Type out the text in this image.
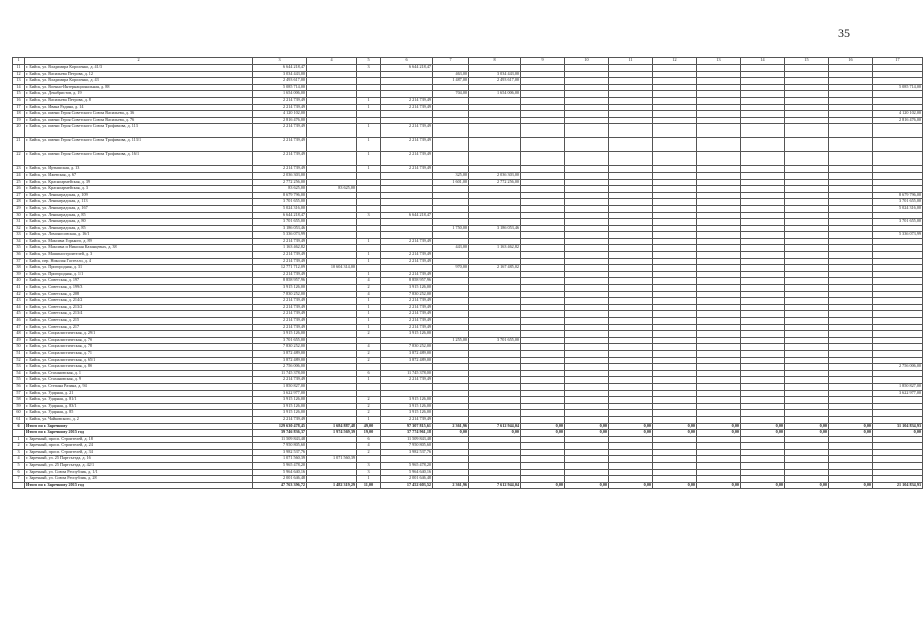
35
1	2	3	4	5	6	7	8	9	10	11	12	13	14	15	16	17
11	г. Бийск, ул. Владимира Короленко, д. 41/3	6 644 218,47		3	6 644 218,47											
12	г. Бийск, ул. Васильева Петрова, д. 12	3 034 443,00				463,00	3 034 443,00									
13	г. Бийск, ул. Владимира Короленко, д. 43	2 493 617,00				1 487,00	2 493 617,00									
14	г. Бийск, ул. Военно-Интернациональная, д. 88	5 085 714,00														5 085 714,00
15	г. Бийск, ул. Декабристов, д. 19	1 654 006,00				704,00	1 654 006,00									
16	г. Бийск, ул. Васильева Петрова, д. 8	2 214 739,49		1	2 214 739,49											
17	г. Бийск, ул. Ивана Радина, д. 14	2 214 739,49		1	2 214 739,49											
18	г. Бийск, ул. имени Героя Советского Союза Васильева, д. 36	4 120 102,00														4 120 102,00
19	г. Бийск, ул. имени Героя Советского Союза Васильева, д. 76	2 816 476,00														2 816 476,00
20	г. Бийск, ул. имени Героя Советского Союза Трофимова, д. 113	2 214 739,49		1	2 214 739,49											
21	г. Бийск, ул. имени Героя Советского Союза Трофимова, д. 113/1	2 214 739,49		1	2 214 739,49											
22	г. Бийск, ул. имени Героя Советского Союза Трофимова, д. 16/1	2 214 739,49		1	2 214 739,49											
23	г. Бийск, ул. Иртышская, д. 13	2 214 739,49		1	2 214 739,49											
24	г. Бийск, ул. Ижевская, д. 67	2 036 303,00				325,00	2 036 303,00									
25	г. Бийск, ул. Красноармейская, д. 39	2 772 256,00				1 601,00	2 772 256,00									
26	г. Бийск, ул. Красноармейская, д. 3	83 625,00	83 625,00													
27	г. Бийск, ул. Ленинградская, д. 109	8 679 796,00														8 679 796,00
28	г. Бийск, ул. Ленинградская, д. 113	3 701 655,00														3 701 655,00
29	г. Бийск, ул. Ленинградская, д. 167	5 024 316,00														5 024 316,00
30	г. Бийск, ул. Ленинградская, д. 85	6 644 218,47		3	6 644 218,47											
31	г. Бийск, ул. Ленинградская, д. 80	3 701 655,00														3 701 655,00
32	г. Бийск, ул. Ленинградская, д. 85	3 186 053,46				1 750,00	3 186 053,46									
33	г. Бийск, ул. Ломоносовская, д. 16/1	5 336 073,99														5 336 073,99
34	г. Бийск, ул. Максима Горького, д. 89	2 214 739,49		1	2 214 739,49											
35	г. Бийск, ул. Максима и Николая Казанцевых, д. 38	1 163 462,82				443,00	1 163 462,82									
36	г. Бийск, ул. Машиностроителей, д. 3	2 214 739,49		1	2 214 739,49											
37	г. Бийск, пер. Николая Гастелло, д. 4	2 214 739,49		1	2 214 739,49											
38	г. Бийск, ул. Пригородная, д. 31	12 771 712,09	10 604 314,00			970,00	2 167 485,02									
39	г. Бийск, ул. Пригородная, д. 1/1	2 214 739,49		1	2 214 739,49											
40	г. Бийск, ул. Советская, д. 197	8 858 957,96		4	8 858 957,96											
41	г. Бийск, ул. Советская, д. 199/3	3 915 126,00		2	3 915 126,00											
42	г. Бийск, ул. Советская, д. 208	7 830 252,00		4	7 830 252,00											
43	г. Бийск, ул. Советская, д. 214/2	2 214 739,49		1	2 214 739,49											
44	г. Бийск, ул. Советская, д. 213/2	2 214 739,49		1	2 214 739,49											
45	г. Бийск, ул. Советская, д. 213/4	2 214 739,49		1	2 214 739,49											
46	г. Бийск, ул. Советская, д. 215	2 214 739,49		1	2 214 739,49											
47	г. Бийск, ул. Советская, д. 217	2 214 739,49		1	2 214 739,49											
48	г. Бийск, ул. Социалистическая, д. 29/1	3 915 126,00		2	3 915 126,00											
49	г. Бийск, ул. Социалистическая, д. 7б	3 701 655,00				1 255,00	3 701 655,00									
50	г. Бийск, ул. Социалистическая, д. 78	7 830 252,00		4	7 830 252,00											
51	г. Бийск, ул. Социалистическая, д. 71	3 872 489,00		2	3 872 489,00											
52	г. Бийск, ул. Социалистическая, д. 65/1	3 872 489,00		2	3 872 489,00											
53	г. Бийск, ул. Социалистическая, д. 8б	2 756 006,00														2 756 006,00
54	г. Бийск, ул. Стахановская, д. 1	11 745 378,00		6	11 745 378,00											
55	г. Бийск, ул. Стахановская, д. 9	2 214 739,49		1	2 214 739,49											
56	г. Бийск, ул. Степана Разина, д. 94	1 850 827,00														1 850 827,00
57	г. Бийск, ул. Ударная, д. 21	3 622 977,00														3 622 977,00
58	г. Бийск, ул. Ударная, д. 81/1	3 915 126,00		2	3 915 126,00											
59	г. Бийск, ул. Ударная, д. 83/1	3 915 126,00		2	3 915 126,00											
60	г. Бийск, ул. Ударная, д. 85	3 915 126,00		2	3 915 126,00											
61	г. Бийск, ул. Чайковского, д. 2	2 214 739,49		1	2 214 739,49											
6	Итого по г. Заречному	129 630 478,45	1 684 887,48	49,00	97 307 815,61	2 361,96	7 612 944,04	0,00	0,00	0,00	0,00	0,00	0,00	0,00	0,00	31 104 834,93
	Итого по г. Заречному 2015 год	39 746 836,37	1 974 569,39	19,00	37 774 961,18	0,00	0,00	0,00	0,00	0,00	0,00	0,00	0,00	0,00	0,00	0,00
1	г. Заречный, просп. Строителей, д. 18	11 509 843,48		6	11 509 843,48											
2	г. Заречный, просп. Строителей, д. 24	7 950 805,60		4	7 950 805,60											
3	г. Заречный, просп. Строителей, д. 34	3 982 537,76		2	3 982 537,76											
4	г. Заречный, ул. 25 Партсъезда, д. 16	1 071 560,39	1 071 560,39													
5	г. Заречный, ул. 25 Партсъезда, д. 42/1	5 965 478,20		3	5 965 478,20											
6	г. Заречный, ул. Союза Республик, д. 1/1	5 964 640,16		3	5 964 640,16											
7	г. Заречный, ул. Союза Республик, д. 28	2 001 646,48		1	2 001 646,48											
	Итого по г. Заречному 2015 год	47 763 396,72	1 482 319,29	11,00	17 452 603,52	2 361,96	7 612 944,04	0,00	0,00	0,00	0,00	0,00	0,00	0,00	0,00	21 104 834,93
